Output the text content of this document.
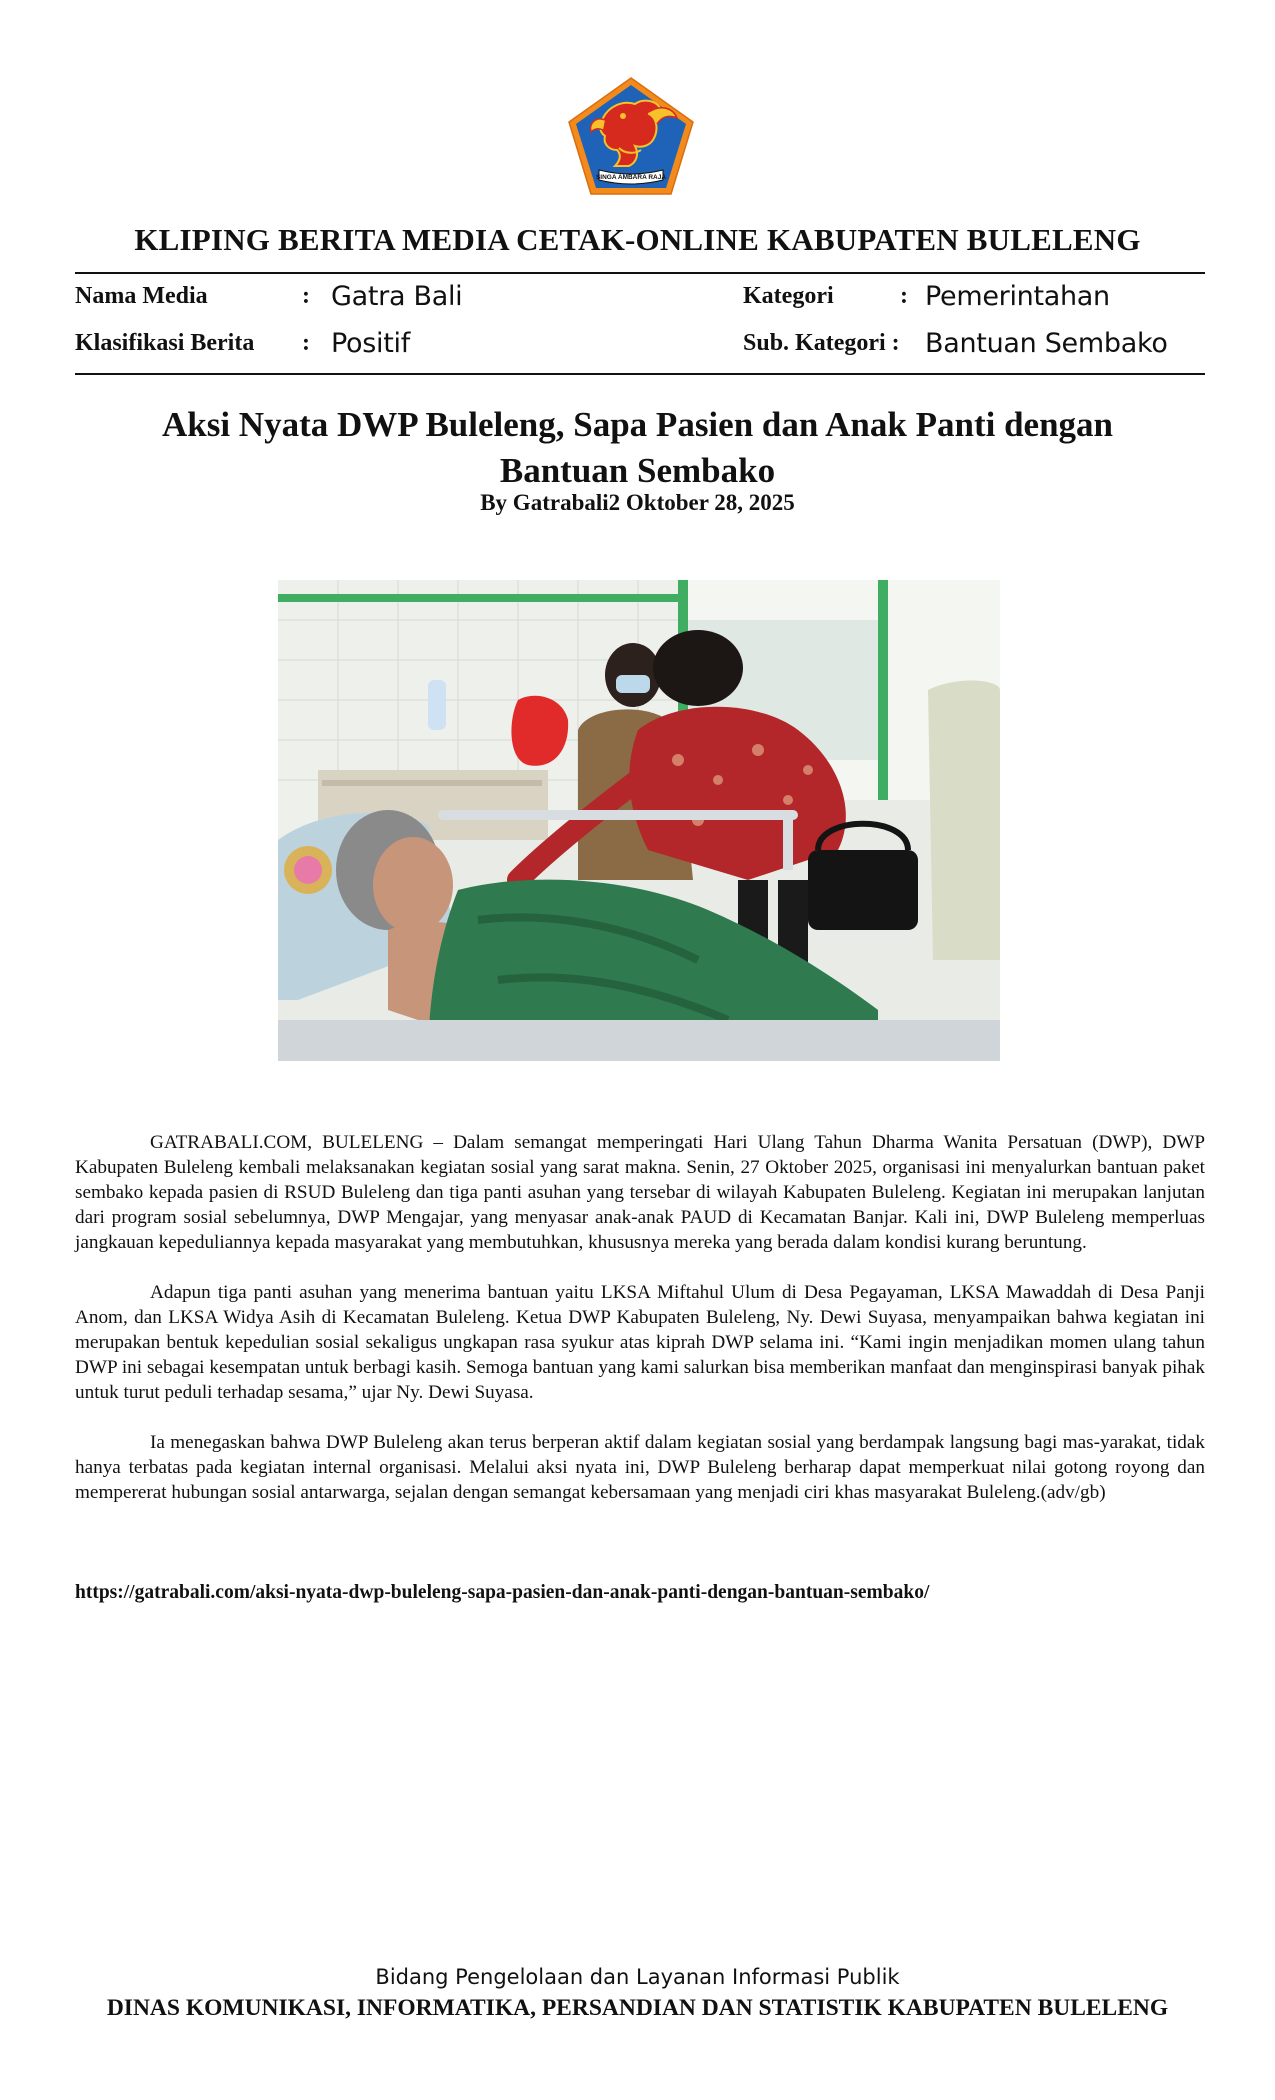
SINGA AMBARA RAJA
KLIPING BERITA MEDIA CETAK-ONLINE KABUPATEN BULELENG
Nama Media	: Gatra Bali	Kategori	: Pemerintahan
Klasifikasi Berita : Positif	Sub. Kategori : Bantuan Sembako
Aksi Nyata DWP Buleleng, Sapa Pasien dan Anak Panti dengan Bantuan Sembako
By Gatrabali2 Oktober 28, 2025

GATRABALI.COM, BULELENG – Dalam semangat memperingati Hari Ulang Tahun Dharma Wanita Persatuan (DWP), DWP Kabupaten Buleleng kembali melaksanakan kegiatan sosial yang sarat makna. Senin, 27 Oktober 2025, organisasi ini menyalurkan bantuan paket sembako kepada pasien di RSUD Buleleng dan tiga panti asuhan yang tersebar di wilayah Kabupaten Buleleng. Kegiatan ini merupakan lanjutan dari program sosial sebelumnya, DWP Mengajar, yang menyasar anak-anak PAUD di Kecamatan Banjar. Kali ini, DWP Buleleng memperluas jangkauan kepeduliannya kepada masyarakat yang membutuhkan, khususnya mereka yang berada dalam kondisi kurang beruntung.

Adapun tiga panti asuhan yang menerima bantuan yaitu LKSA Miftahul Ulum di Desa Pegayaman, LKSA Mawaddah di Desa Panji Anom, dan LKSA Widya Asih di Kecamatan Buleleng. Ketua DWP Kabupaten Buleleng, Ny. Dewi Suyasa, menyampaikan bahwa kegiatan ini merupakan bentuk kepedulian sosial sekaligus ungkapan rasa syukur atas kiprah DWP selama ini. “Kami ingin menjadikan momen ulang tahun DWP ini sebagai kesempatan untuk berbagi kasih. Semoga bantuan yang kami salurkan bisa memberikan manfaat dan menginspirasi banyak pihak untuk turut peduli terhadap sesama,” ujar Ny. Dewi Suyasa.

Ia menegaskan bahwa DWP Buleleng akan terus berperan aktif dalam kegiatan sosial yang berdampak langsung bagi mas-yarakat, tidak hanya terbatas pada kegiatan internal organisasi. Melalui aksi nyata ini, DWP Buleleng berharap dapat memperkuat nilai gotong royong dan mempererat hubungan sosial antarwarga, sejalan dengan semangat kebersamaan yang menjadi ciri khas masyarakat Buleleng.(adv/gb)

https://gatrabali.com/aksi-nyata-dwp-buleleng-sapa-pasien-dan-anak-panti-dengan-bantuan-sembako/
Bidang Pengelolaan dan Layanan Informasi Publik
DINAS KOMUNIKASI, INFORMATIKA, PERSANDIAN DAN STATISTIK KABUPATEN BULELENG
